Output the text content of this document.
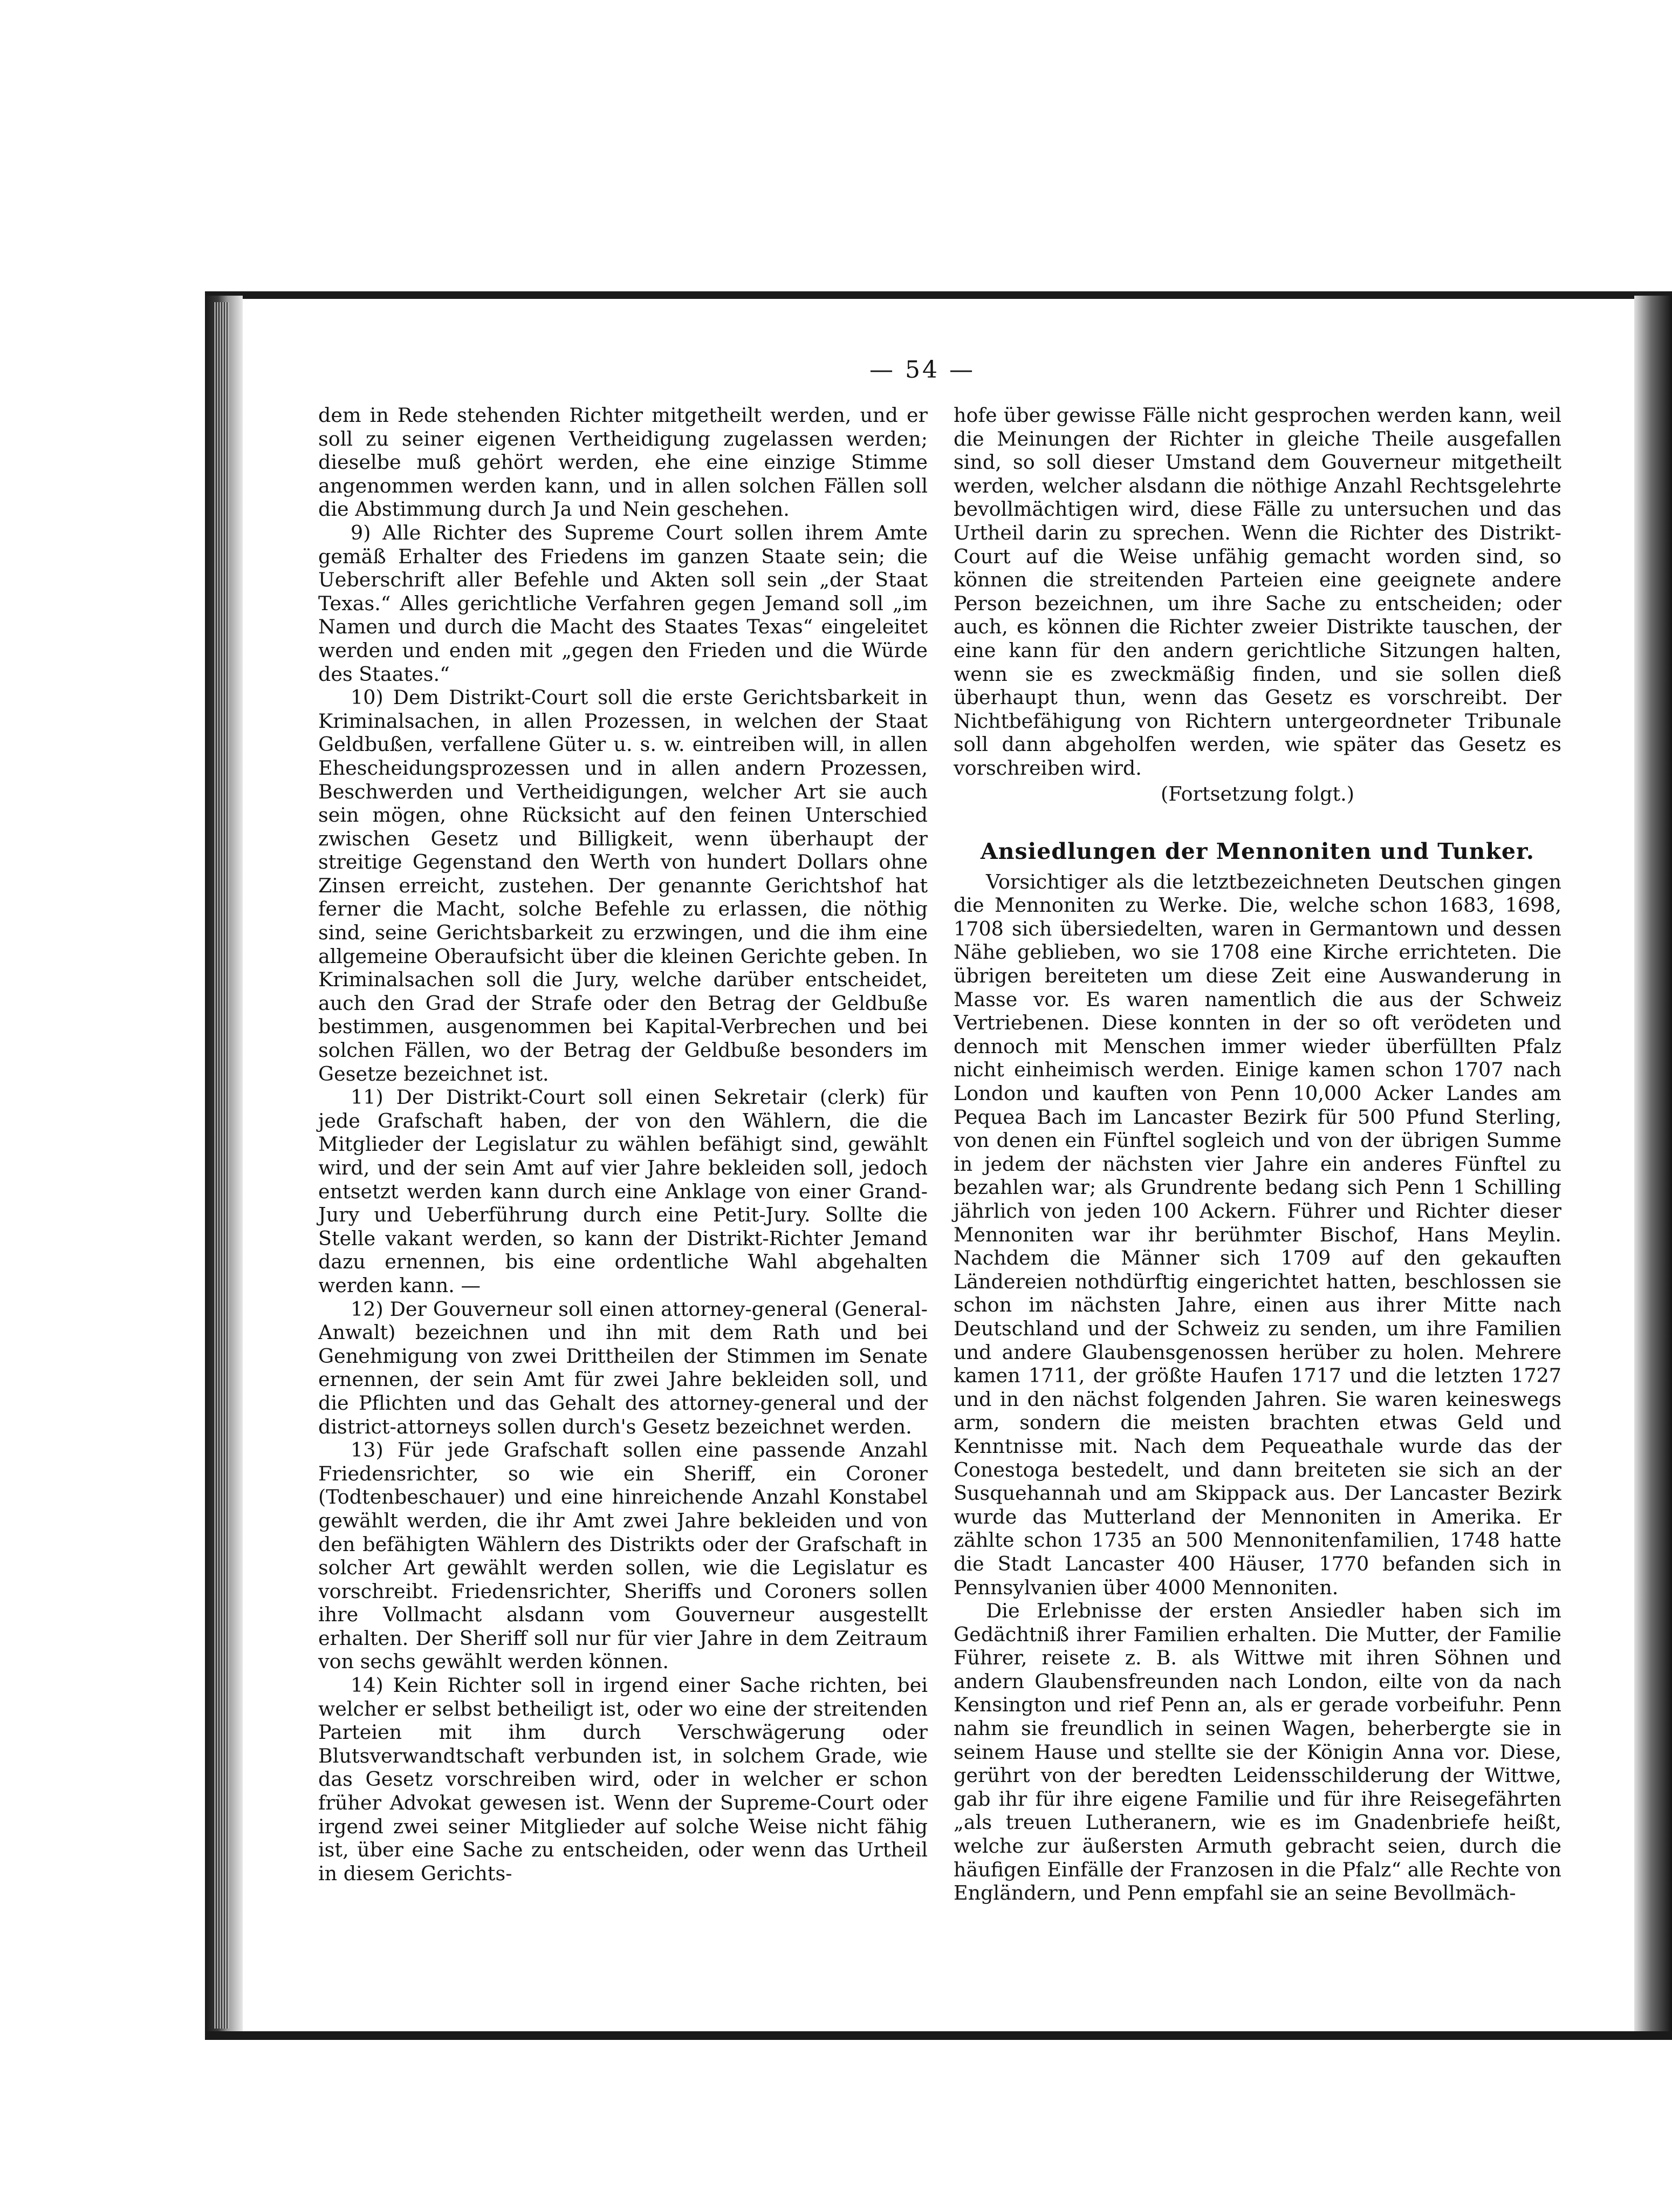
— 54 —

dem in Rede stehenden Richter mitgetheilt werden, und er soll zu seiner eigenen Vertheidigung zugelassen werden; dieselbe muß gehört werden, ehe eine einzige Stimme angenommen werden kann, und in allen solchen Fällen soll die Abstimmung durch Ja und Nein geschehen.

9) Alle Richter des Supreme Court sollen ihrem Amte gemäß Erhalter des Friedens im ganzen Staate sein; die Ueberschrift aller Befehle und Akten soll sein „der Staat Texas.“ Alles gerichtliche Verfahren gegen Jemand soll „im Namen und durch die Macht des Staates Texas“ eingeleitet werden und enden mit „gegen den Frieden und die Würde des Staates.“

10) Dem Distrikt-Court soll die erste Gerichtsbarkeit in Kriminalsachen, in allen Prozessen, in welchen der Staat Geldbußen, verfallene Güter u. s. w. eintreiben will, in allen Ehescheidungsprozessen und in allen andern Prozessen, Beschwerden und Vertheidigungen, welcher Art sie auch sein mögen, ohne Rücksicht auf den feinen Unterschied zwischen Gesetz und Billigkeit, wenn überhaupt der streitige Gegenstand den Werth von hundert Dollars ohne Zinsen erreicht, zustehen. Der genannte Gerichtshof hat ferner die Macht, solche Befehle zu erlassen, die nöthig sind, seine Gerichtsbarkeit zu erzwingen, und die ihm eine allgemeine Oberaufsicht über die kleinen Gerichte geben. In Kriminalsachen soll die Jury, welche darüber entscheidet, auch den Grad der Strafe oder den Betrag der Geldbuße bestimmen, ausgenommen bei Kapital-Verbrechen und bei solchen Fällen, wo der Betrag der Geldbuße besonders im Gesetze bezeichnet ist.

11) Der Distrikt-Court soll einen Sekretair (clerk) für jede Grafschaft haben, der von den Wählern, die die Mitglieder der Legislatur zu wählen befähigt sind, gewählt wird, und der sein Amt auf vier Jahre bekleiden soll, jedoch entsetzt werden kann durch eine Anklage von einer Grand-Jury und Ueberführung durch eine Petit-Jury. Sollte die Stelle vakant werden, so kann der Distrikt-Richter Jemand dazu ernennen, bis eine ordentliche Wahl abgehalten werden kann. —

12) Der Gouverneur soll einen attorney-general (General-Anwalt) bezeichnen und ihn mit dem Rath und bei Genehmigung von zwei Drittheilen der Stimmen im Senate ernennen, der sein Amt für zwei Jahre bekleiden soll, und die Pflichten und das Gehalt des attorney-general und der district-attorneys sollen durch's Gesetz bezeichnet werden.

13) Für jede Grafschaft sollen eine passende Anzahl Friedensrichter, so wie ein Sheriff, ein Coroner (Todtenbeschauer) und eine hinreichende Anzahl Konstabel gewählt werden, die ihr Amt zwei Jahre bekleiden und von den befähigten Wählern des Distrikts oder der Grafschaft in solcher Art gewählt werden sollen, wie die Legislatur es vorschreibt. Friedensrichter, Sheriffs und Coroners sollen ihre Vollmacht alsdann vom Gouverneur ausgestellt erhalten. Der Sheriff soll nur für vier Jahre in dem Zeitraum von sechs gewählt werden können.

14) Kein Richter soll in irgend einer Sache richten, bei welcher er selbst betheiligt ist, oder wo eine der streitenden Parteien mit ihm durch Verschwägerung oder Blutsverwandtschaft verbunden ist, in solchem Grade, wie das Gesetz vorschreiben wird, oder in welcher er schon früher Advokat gewesen ist. Wenn der Supreme-Court oder irgend zwei seiner Mitglieder auf solche Weise nicht fähig ist, über eine Sache zu entscheiden, oder wenn das Urtheil in diesem Gerichts-

hofe über gewisse Fälle nicht gesprochen werden kann, weil die Meinungen der Richter in gleiche Theile ausgefallen sind, so soll dieser Umstand dem Gouverneur mitgetheilt werden, welcher alsdann die nöthige Anzahl Rechtsgelehrte bevollmächtigen wird, diese Fälle zu untersuchen und das Urtheil darin zu sprechen. Wenn die Richter des Distrikt-Court auf die Weise unfähig gemacht worden sind, so können die streitenden Parteien eine geeignete andere Person bezeichnen, um ihre Sache zu entscheiden; oder auch, es können die Richter zweier Distrikte tauschen, der eine kann für den andern gerichtliche Sitzungen halten, wenn sie es zweckmäßig finden, und sie sollen dieß überhaupt thun, wenn das Gesetz es vorschreibt. Der Nichtbefähigung von Richtern untergeordneter Tribunale soll dann abgeholfen werden, wie später das Gesetz es vorschreiben wird.

(Fortsetzung folgt.)

Ansiedlungen der Mennoniten und Tunker.

Vorsichtiger als die letztbezeichneten Deutschen gingen die Mennoniten zu Werke. Die, welche schon 1683, 1698, 1708 sich übersiedelten, waren in Germantown und dessen Nähe geblieben, wo sie 1708 eine Kirche errichteten. Die übrigen bereiteten um diese Zeit eine Auswanderung in Masse vor. Es waren namentlich die aus der Schweiz Vertriebenen. Diese konnten in der so oft verödeten und dennoch mit Menschen immer wieder überfüllten Pfalz nicht einheimisch werden. Einige kamen schon 1707 nach London und kauften von Penn 10,000 Acker Landes am Pequea Bach im Lancaster Bezirk für 500 Pfund Sterling, von denen ein Fünftel sogleich und von der übrigen Summe in jedem der nächsten vier Jahre ein anderes Fünftel zu bezahlen war; als Grundrente bedang sich Penn 1 Schilling jährlich von jeden 100 Ackern. Führer und Richter dieser Mennoniten war ihr berühmter Bischof, Hans Meylin. Nachdem die Männer sich 1709 auf den gekauften Ländereien nothdürftig eingerichtet hatten, beschlossen sie schon im nächsten Jahre, einen aus ihrer Mitte nach Deutschland und der Schweiz zu senden, um ihre Familien und andere Glaubensgenossen herüber zu holen. Mehrere kamen 1711, der größte Haufen 1717 und die letzten 1727 und in den nächst folgenden Jahren. Sie waren keineswegs arm, sondern die meisten brachten etwas Geld und Kenntnisse mit. Nach dem Pequeathale wurde das der Conestoga bestedelt, und dann breiteten sie sich an der Susquehannah und am Skippack aus. Der Lancaster Bezirk wurde das Mutterland der Mennoniten in Amerika. Er zählte schon 1735 an 500 Mennonitenfamilien, 1748 hatte die Stadt Lancaster 400 Häuser, 1770 befanden sich in Pennsylvanien über 4000 Mennoniten.

Die Erlebnisse der ersten Ansiedler haben sich im Gedächtniß ihrer Familien erhalten. Die Mutter, der Familie Führer, reisete z. B. als Wittwe mit ihren Söhnen und andern Glaubensfreunden nach London, eilte von da nach Kensington und rief Penn an, als er gerade vorbeifuhr. Penn nahm sie freundlich in seinen Wagen, beherbergte sie in seinem Hause und stellte sie der Königin Anna vor. Diese, gerührt von der beredten Leidensschilderung der Wittwe, gab ihr für ihre eigene Familie und für ihre Reisegefährten „als treuen Lutheranern, wie es im Gnadenbriefe heißt, welche zur äußersten Armuth gebracht seien, durch die häufigen Einfälle der Franzosen in die Pfalz“ alle Rechte von Engländern, und Penn empfahl sie an seine Bevollmäch-
